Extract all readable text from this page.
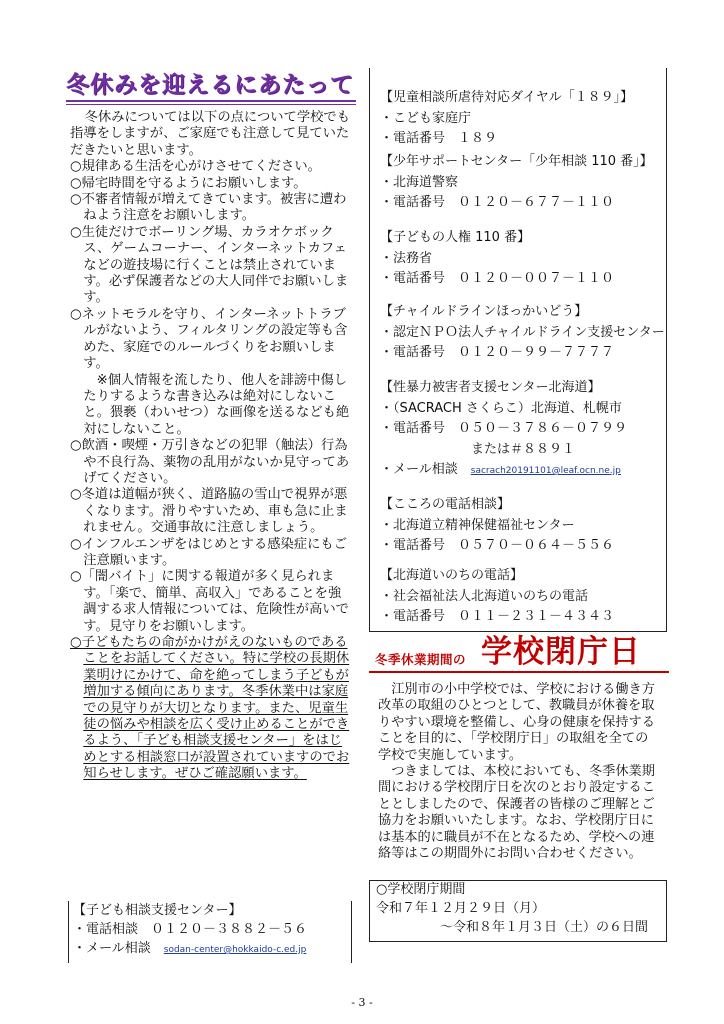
冬休みを迎えるにあたって

冬休みについては以下の点について学校でも指導をしますが、ご家庭でも注意して見ていただきたいと思います。

○規律ある生活を心がけさせてください。

○帰宅時間を守るようにお願いします。

○不審者情報が増えてきています。被害に遭わねよう注意をお願いします。

○生徒だけでボーリング場、カラオケボックス、ゲームコーナー、インターネットカフェなどの遊技場に行くことは禁止されています。必ず保護者などの大人同伴でお願いします。

○ネットモラルを守り、インターネットトラブルがないよう、フィルタリングの設定等も含めた、家庭でのルールづくりをお願いします。

※個人情報を流したり、他人を誹謗中傷したりするような書き込みは絶対にしないこと。猥褻（わいせつ）な画像を送るなども絶対にしないこと。

○飲酒・喫煙・万引きなどの犯罪（触法）行為や不良行為、薬物の乱用がないか見守ってあげてください。

○冬道は道幅が狭く、道路脇の雪山で視界が悪くなります。滑りやすいため、車も急に止まれません。交通事故に注意しましょう。

○インフルエンザをはじめとする感染症にもご注意願います。

○「闇バイト」に関する報道が多く見られます。「楽で、簡単、高収入」であることを強調する求人情報については、危険性が高いです。見守りをお願いします。

○子どもたちの命がかけがえのないものであることをお話してください。特に学校の長期休業明けにかけて、命を絶ってしまう子どもが増加する傾向にあります。冬季休業中は家庭での見守りが大切となります。また、児童生徒の悩みや相談を広く受け止めることができるよう、「子ども相談支援センター」をはじめとする相談窓口が設置されていますのでお知らせします。ぜひご確認願います。

【子ども相談支援センター】
・電話相談　０１２０－３８８２－５６
・メール相談　sodan-center@hokkaido-c.ed.jp
【児童相談所虐待対応ダイヤル「１８９」】
・こども家庭庁
・電話番号　１８９
【少年サポートセンター「少年相談 110 番」】
・北海道警察
・電話番号　０１２０－６７７－１１０
【子どもの人権 110 番】
・法務省
・電話番号　０１２０－００７－１１０
【チャイルドラインほっかいどう】
・認定ＮＰＯ法人チャイルドライン支援センター
・電話番号　０１２０－９９－７７７７
【性暴力被害者支援センター北海道】
・（SACRACH さくらこ）北海道、札幌市
・電話番号　０５０－３７８６－０７９９
　　　　　　　または＃８８９１
・メール相談　sacrach20191101@leaf.ocn.ne.jp
【こころの電話相談】
・北海道立精神保健福祉センター
・電話番号　０５７０－０６４－５５６
【北海道いのちの電話】
・社会福祉法人北海道いのちの電話
・電話番号　０１１－２３１－４３４３
冬季休業期間の 学校閉庁日

江別市の小中学校では、学校における働き方改革の取組のひとつとして、教職員が休養を取りやすい環境を整備し、心身の健康を保持することを目的に、「学校閉庁日」の取組を全ての学校で実施しています。

つきましては、本校においても、冬季休業期間における学校閉庁日を次のとおり設定することとしましたので、保護者の皆様のご理解とご協力をお願いいたします。なお、学校閉庁日には基本的に職員が不在となるため、学校への連絡等はこの期間外にお問い合わせください。

○学校閉庁期間
令和７年１２月２９日（月）
～令和８年１月３日（土）の６日間
- 3 -
